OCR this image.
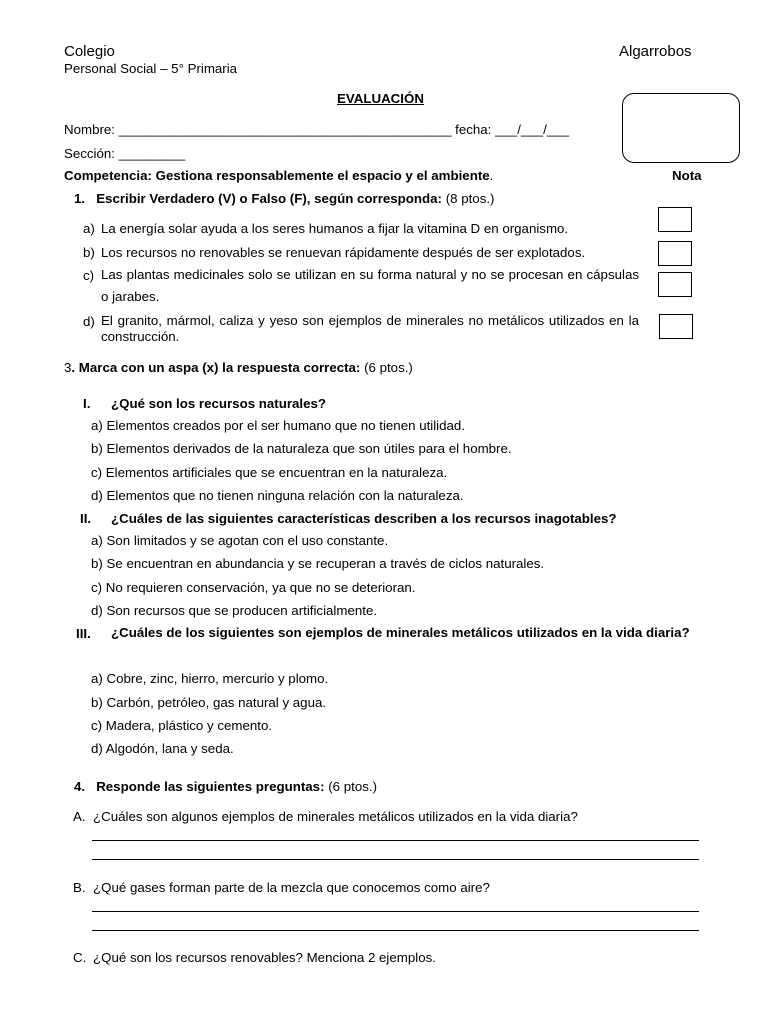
Colegio	Algarrobos
Personal Social – 5° Primaria
EVALUACIÓN
Nombre: _____________________________________________ fecha: ___/___/___
Sección: _________
Competencia: Gestiona responsablemente el espacio y el ambiente.	Nota
1. Escribir Verdadero (V) o Falso (F), según corresponda: (8 ptos.)
a) La energía solar ayuda a los seres humanos a fijar la vitamina D en organismo.
b) Los recursos no renovables se renuevan rápidamente después de ser explotados.
c) Las plantas medicinales solo se utilizan en su forma natural y no se procesan en cápsulas o jarabes.
d) El granito, mármol, caliza y yeso son ejemplos de minerales no metálicos utilizados en la construcción.
3. Marca con un aspa (x) la respuesta correcta: (6 ptos.)
I. ¿Qué son los recursos naturales?
a) Elementos creados por el ser humano que no tienen utilidad.
b) Elementos derivados de la naturaleza que son útiles para el hombre.
c) Elementos artificiales que se encuentran en la naturaleza.
d) Elementos que no tienen ninguna relación con la naturaleza.
II. ¿Cuáles de las siguientes características describen a los recursos inagotables?
a) Son limitados y se agotan con el uso constante.
b) Se encuentran en abundancia y se recuperan a través de ciclos naturales.
c) No requieren conservación, ya que no se deterioran.
d) Son recursos que se producen artificialmente.
III.	¿Cuáles de los siguientes son ejemplos de minerales metálicos utilizados en la vida diaria?
a) Cobre, zinc, hierro, mercurio y plomo.
b) Carbón, petróleo, gas natural y agua.
c) Madera, plástico y cemento.
d) Algodón, lana y seda.
4. Responde las siguientes preguntas: (6 ptos.)
A. ¿Cuáles son algunos ejemplos de minerales metálicos utilizados en la vida diaria?
B. ¿Qué gases forman parte de la mezcla que conocemos como aire?
C. ¿Qué son los recursos renovables? Menciona 2 ejemplos.
